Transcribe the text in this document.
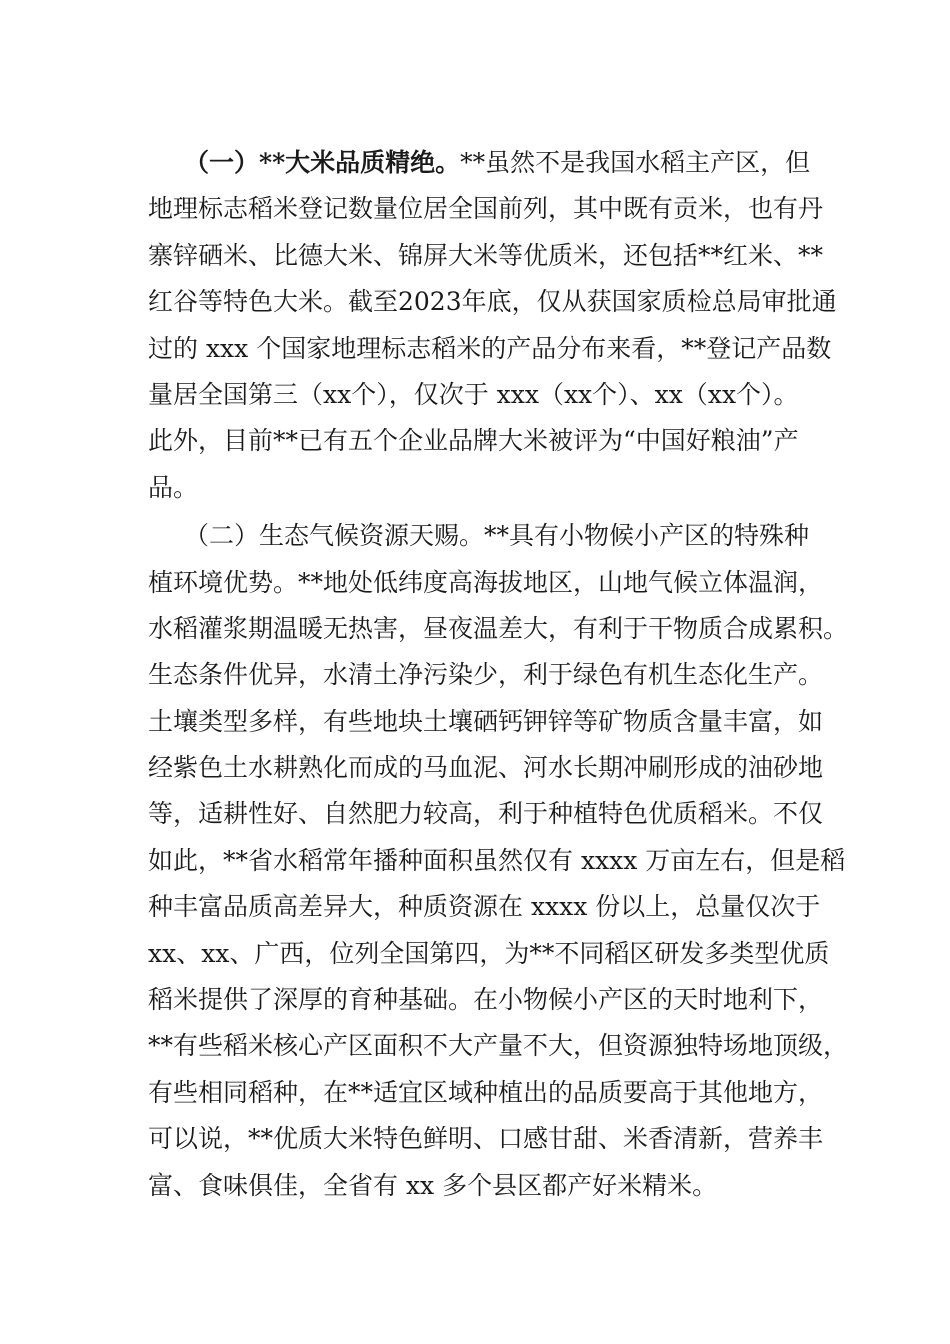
（一）**大米品质精绝。**虽然不是我国水稻主产区，但
地理标志稻米登记数量位居全国前列，其中既有贡米，也有丹
寨锌硒米、比德大米、锦屏大米等优质米，还包括**红米、**
红谷等特色大米。截至2023年底，仅从获国家质检总局审批通
过的 xxx 个国家地理标志稻米的产品分布来看，**登记产品数
量居全国第三（xx个），仅次于 xxx（xx个）、xx（xx个）。
此外，目前**已有五个企业品牌大米被评为“中国好粮油”产
品。
（二）生态气候资源天赐。**具有小物候小产区的特殊种
植环境优势。**地处低纬度高海拔地区，山地气候立体温润，
水稻灌浆期温暖无热害，昼夜温差大，有利于干物质合成累积。
生态条件优异，水清土净污染少，利于绿色有机生态化生产。
土壤类型多样，有些地块土壤硒钙钾锌等矿物质含量丰富，如
经紫色土水耕熟化而成的马血泥、河水长期冲刷形成的油砂地
等，适耕性好、自然肥力较高，利于种植特色优质稻米。不仅
如此，**省水稻常年播种面积虽然仅有 xxxx 万亩左右，但是稻
种丰富品质高差异大，种质资源在 xxxx 份以上，总量仅次于
xx、xx、广西，位列全国第四，为**不同稻区研发多类型优质
稻米提供了深厚的育种基础。在小物候小产区的天时地利下，
**有些稻米核心产区面积不大产量不大，但资源独特场地顶级，
有些相同稻种，在**适宜区域种植出的品质要高于其他地方，
可以说，**优质大米特色鲜明、口感甘甜、米香清新，营养丰
富、食味俱佳，全省有 xx 多个县区都产好米精米。
